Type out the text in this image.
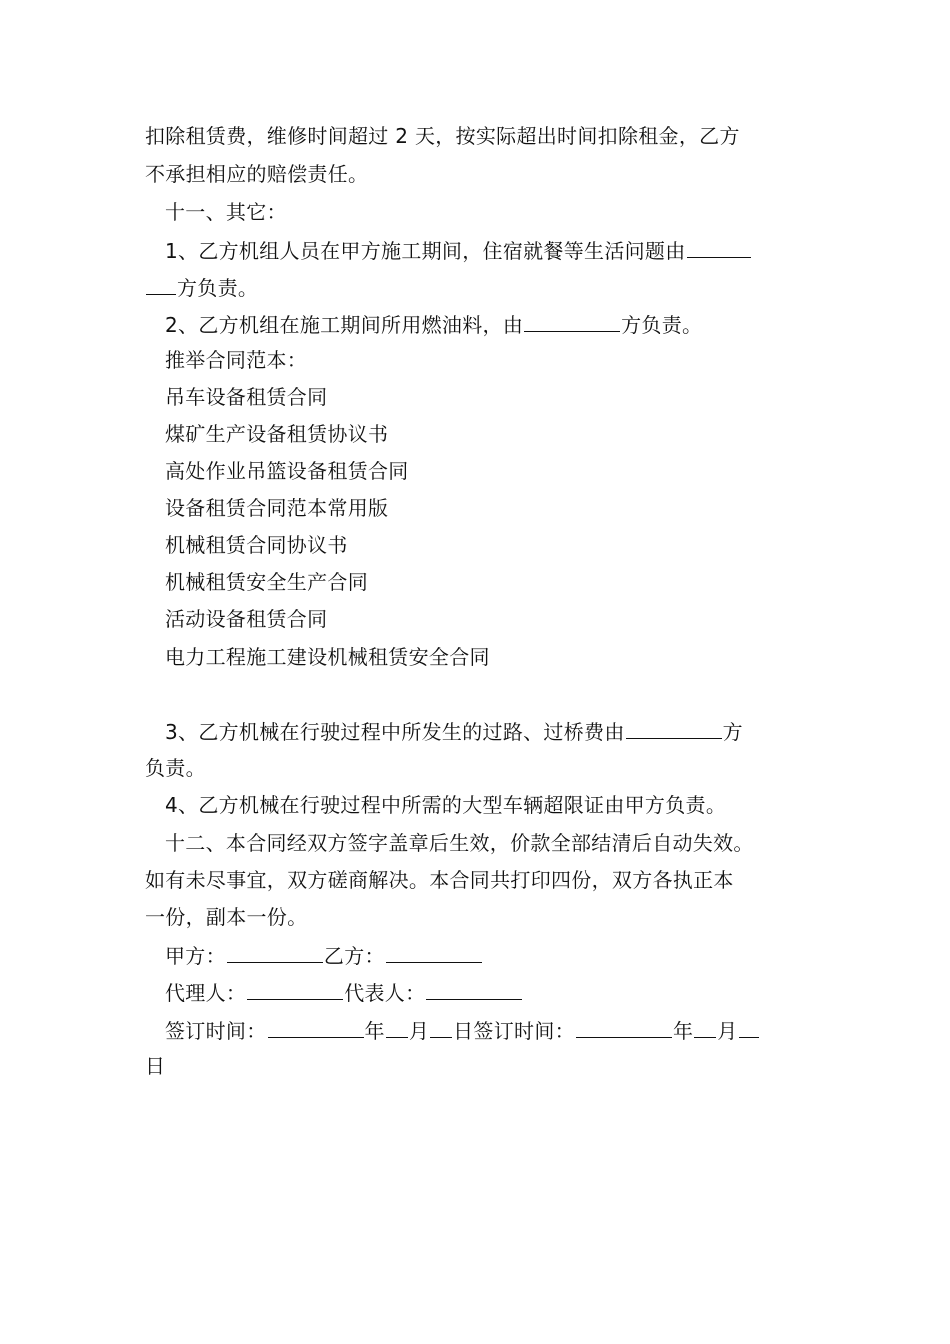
扣除租赁费，维修时间超过 2 天，按实际超出时间扣除租金，乙方
不承担相应的赔偿责任。
十一、其它：
1、乙方机组人员在甲方施工期间，住宿就餐等生活问题由
方负责。
2、乙方机组在施工期间所用燃油料，由	方负责。
推举合同范本：
吊车设备租赁合同
煤矿生产设备租赁协议书
高处作业吊篮设备租赁合同
设备租赁合同范本常用版
机械租赁合同协议书
机械租赁安全生产合同
活动设备租赁合同
电力工程施工建设机械租赁安全合同
3、乙方机械在行驶过程中所发生的过路、过桥费由	方
负责。
4、乙方机械在行驶过程中所需的大型车辆超限证由甲方负责。
十二、本合同经双方签字盖章后生效，价款全部结清后自动失效。
如有未尽事宜，双方磋商解决。本合同共打印四份，双方各执正本
一份，副本一份。
甲方：	乙方：
代理人：	代表人：
签订时间：	年 月 日签订时间：	年 月
日
